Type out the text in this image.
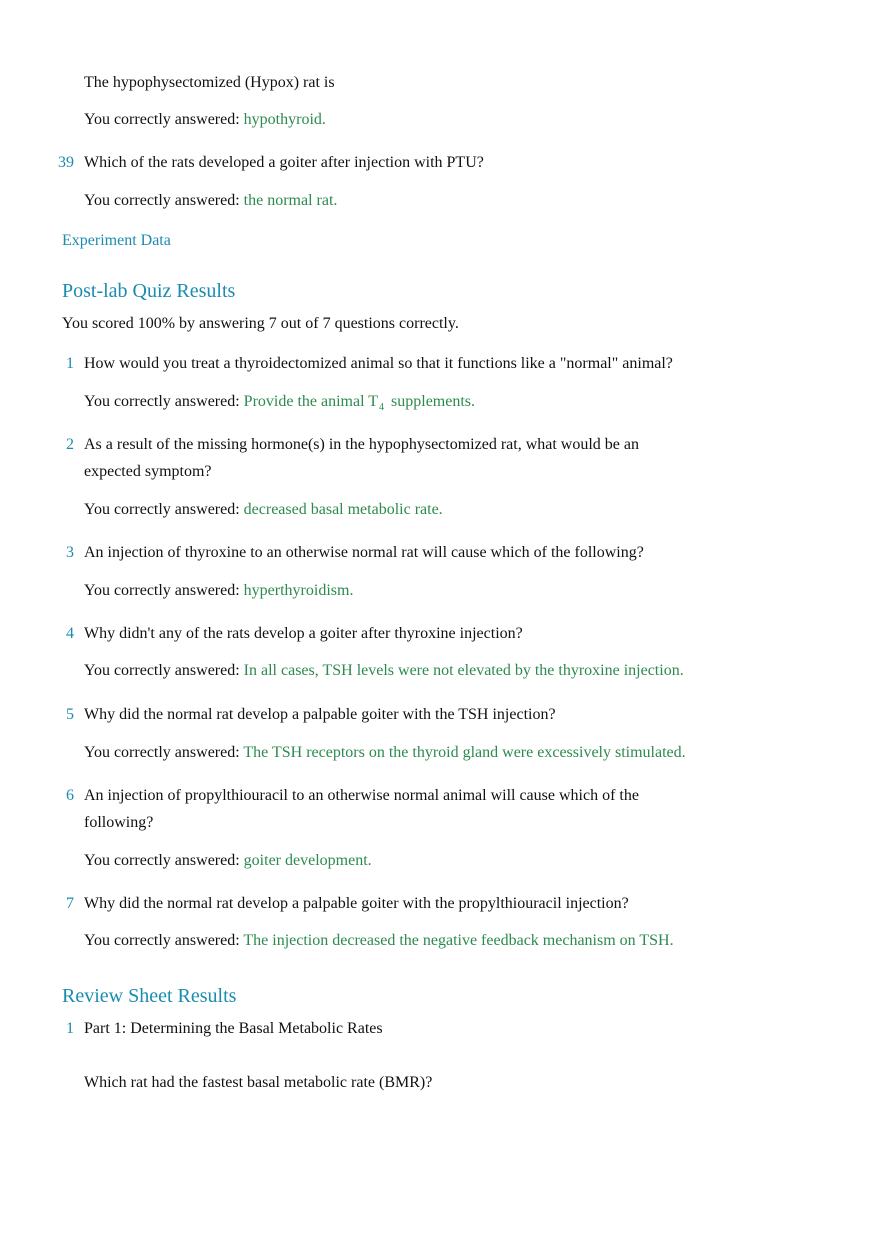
The hypophysectomized (Hypox) rat is
You correctly answered: hypothyroid.
39 Which of the rats developed a goiter after injection with PTU?
You correctly answered: the normal rat.
Experiment Data
Post-lab Quiz Results
You scored 100% by answering 7 out of 7 questions correctly.
1 How would you treat a thyroidectomized animal so that it functions like a "normal" animal?
You correctly answered: Provide the animal $T_4$ supplements.
2 As a result of the missing hormone(s) in the hypophysectomized rat, what would be an
expected symptom?
You correctly answered: decreased basal metabolic rate.
3 An injection of thyroxine to an otherwise normal rat will cause which of the following?
You correctly answered: hyperthyroidism.
4 Why didn't any of the rats develop a goiter after thyroxine injection?
You correctly answered: In all cases, TSH levels were not elevated by the thyroxine injection.
5 Why did the normal rat develop a palpable goiter with the TSH injection?
You correctly answered: The TSH receptors on the thyroid gland were excessively stimulated.
6 An injection of propylthiouracil to an otherwise normal animal will cause which of the
following?
You correctly answered: goiter development.
7 Why did the normal rat develop a palpable goiter with the propylthiouracil injection?
You correctly answered: The injection decreased the negative feedback mechanism on TSH.
Review Sheet Results
1 Part 1: Determining the Basal Metabolic Rates
Which rat had the fastest basal metabolic rate (BMR)?
